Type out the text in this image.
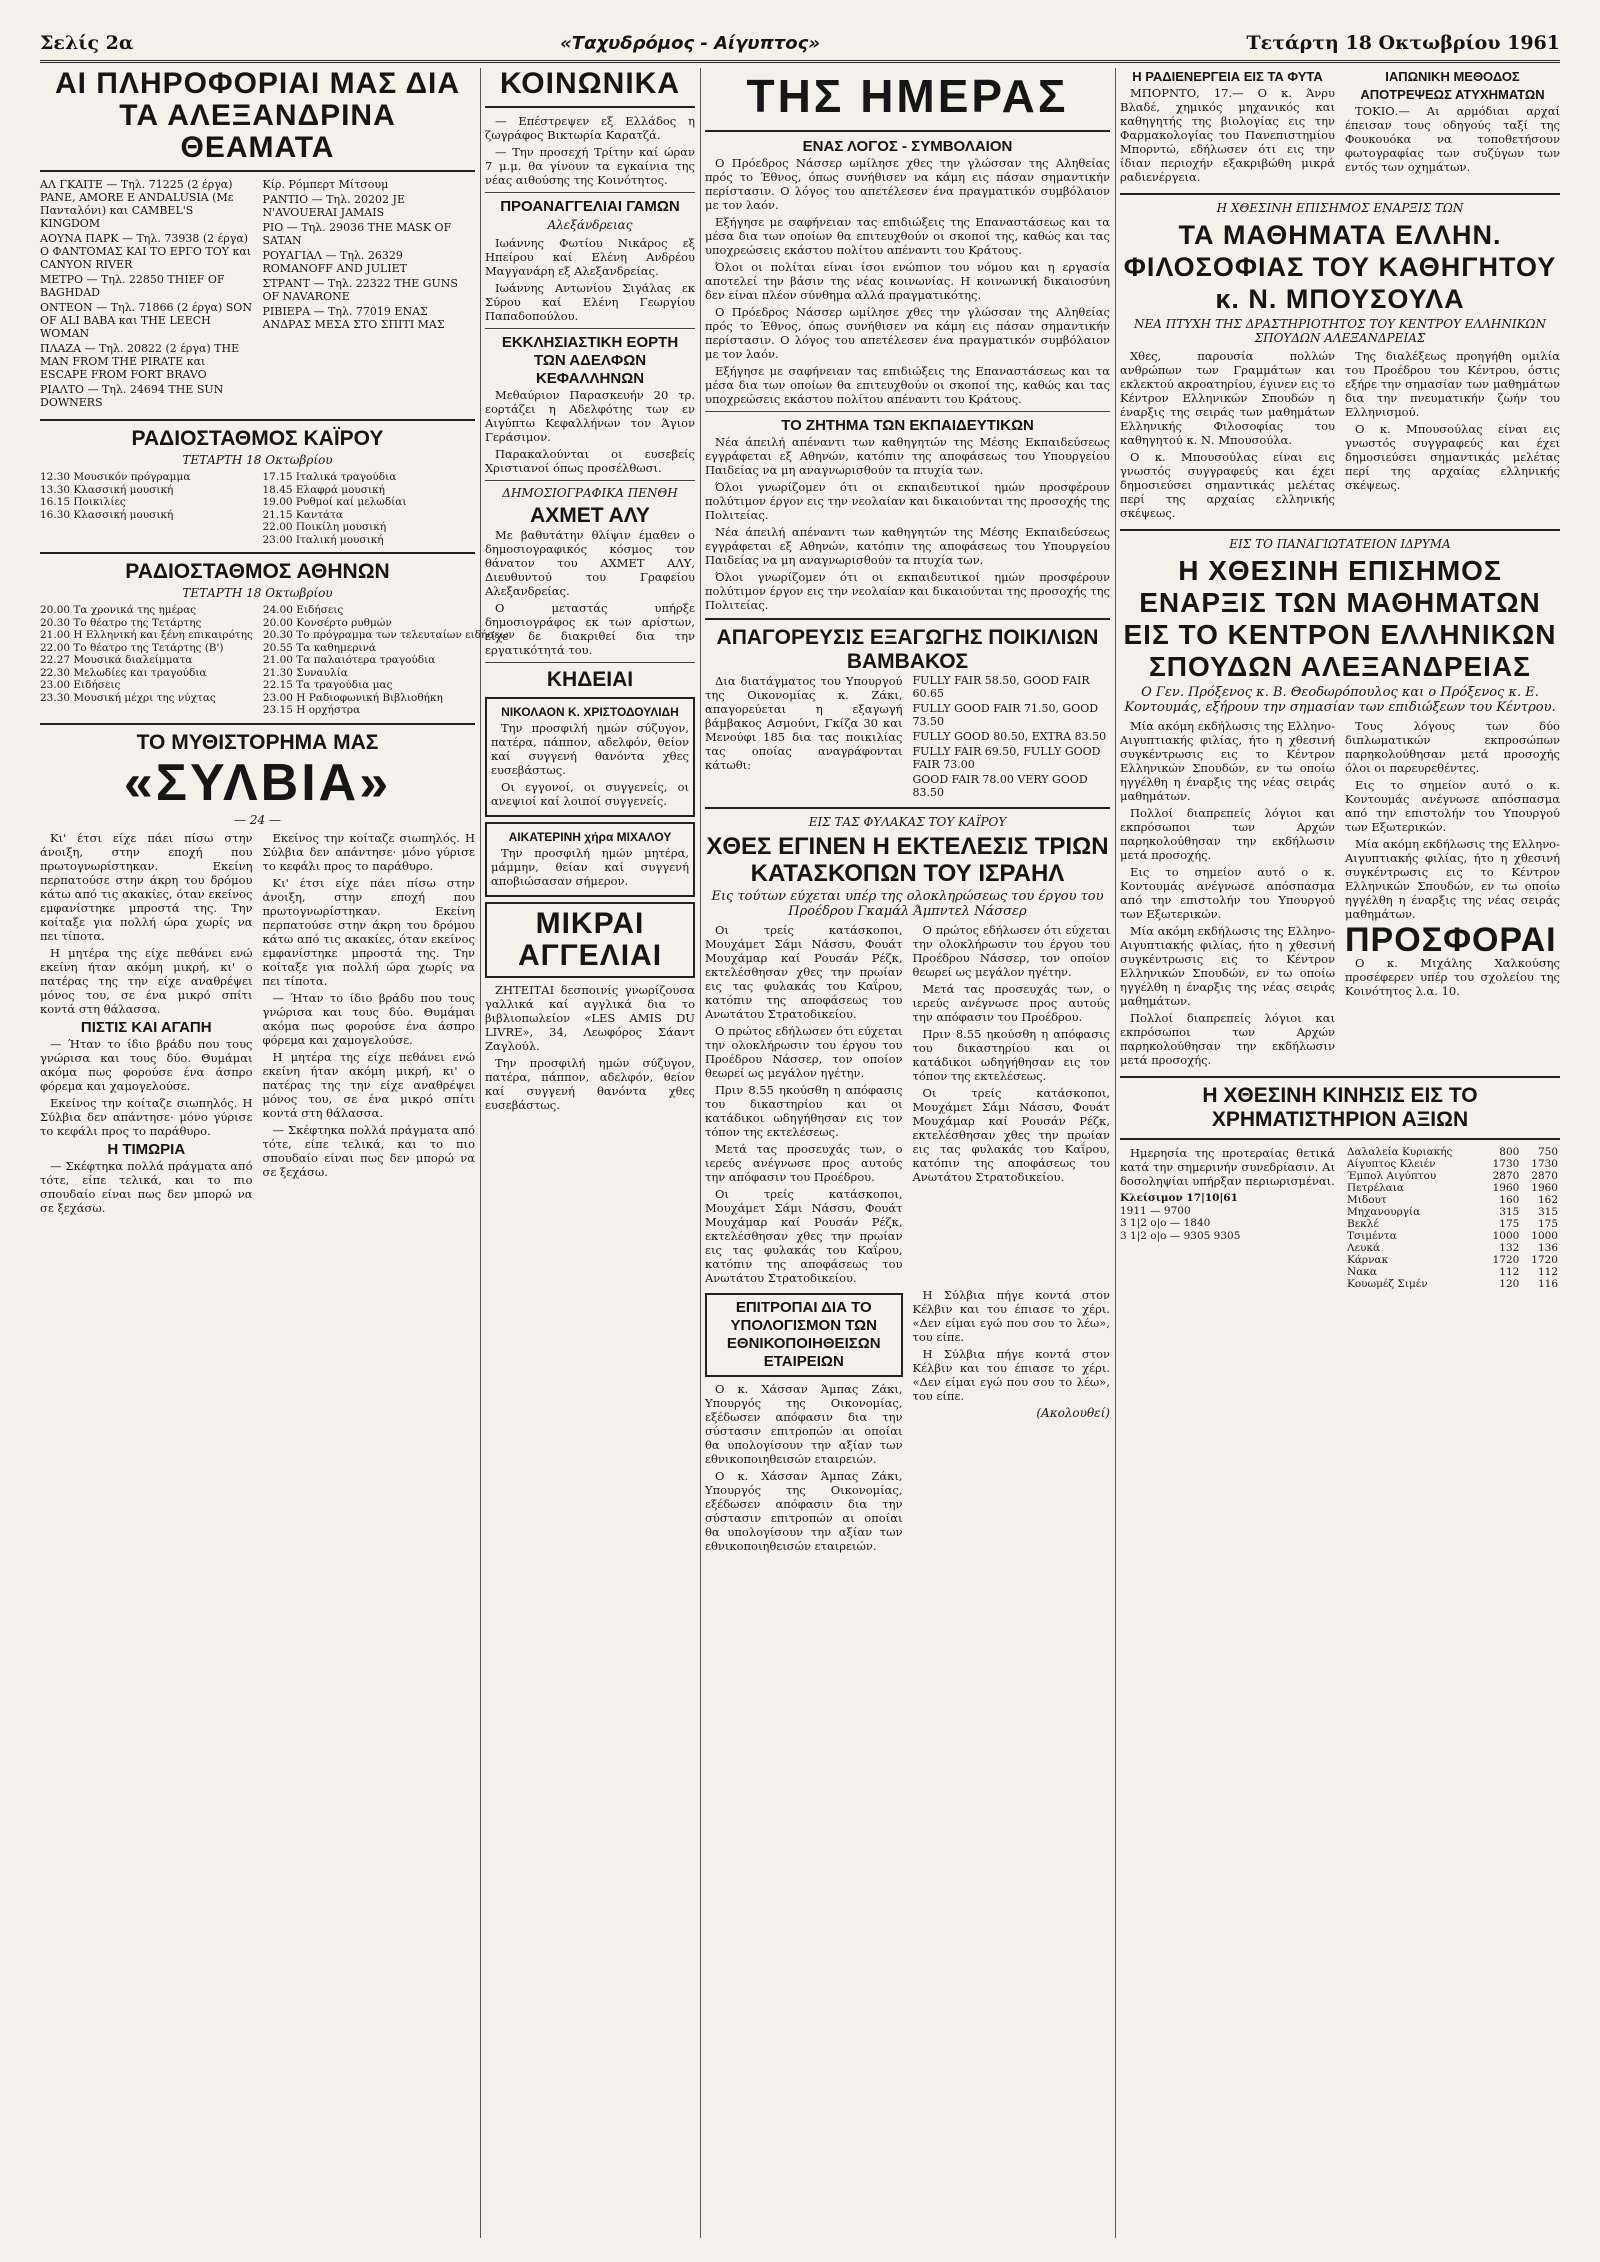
Σελίς 2α	«Ταχυδρόμος - Αίγυπτος»	Τετάρτη 18 Οκτωβρίου 1961
ΑΙ ΠΛΗΡΟΦΟΡΙΑΙ ΜΑΣ ΔΙΑ ΤΑ ΑΛΕΞΑΝΔΡΙΝΑ ΘΕΑΜΑΤΑ
ΑΛ ΓΚΑΙΤΕ — Τηλ. 71225 (2 έργα) PANE, AMORE E ANDALUSIA (Με Πανταλόνι) και CAMBEL'S KINGDOM
ΑΟΥΝΑ ΠΑΡΚ — Τηλ. 73938 (2 έργα) Ο ΦΑΝΤΟΜΑΣ ΚΑΙ ΤΟ ΕΡΓΟ ΤΟΥ και CANYON RIVER
ΜΕΤΡΟ — Τηλ. 22850 THIEF OF BAGHDAD
ΟΝΤΕΟΝ — Τηλ. 71866 (2 έργα) SON OF ALI BABA και THE LEECH WOMAN
ΠΛΑΖΑ — Τηλ. 20822 (2 έργα) THE MAN FROM THE PIRATE και ESCAPE FROM FORT BRAVO
ΡΙΑΛΤΟ — Τηλ. 24694 THE SUN DOWNERS
Κίρ. Ρόμπερτ Μίτσουμ
ΡΑΝΤΙΟ — Τηλ. 20202 JE N'AVOUERAI JAMAIS
ΡΙΟ — Τηλ. 29036 THE MASK OF SATAN
ΡΟΥΑΓΙΑΛ — Τηλ. 26329 ROMANOFF AND JULIET
ΣΤΡΑΝΤ — Τηλ. 22322 THE GUNS OF NAVARONE
ΡΙΒΙΕΡΑ — Τηλ. 77019 ΕΝΑΣ ΑΝΔΡΑΣ ΜΕΣΑ ΣΤΟ ΣΠΙΤΙ ΜΑΣ
ΡΑΔΙΟΣΤΑΘΜΟΣ ΚΑΪΡΟΥ
ΤΕΤΑΡΤΗ 18 Οκτωβρίου
12.30 Μουσικόν πρόγραμμα
13.30 Κλασσική μουσική
16.15 Ποικιλίες
16.30 Κλασσική μουσική
17.15 Ιταλικά τραγούδια
18.45 Ελαφρά μουσική
19.00 Ρυθμοί καί μελωδίαι
21.15 Καντάτα
22.00 Ποικίλη μουσική
23.00 Ιταλική μουσική
ΡΑΔΙΟΣΤΑΘΜΟΣ ΑΘΗΝΩΝ
ΤΕΤΑΡΤΗ 18 Οκτωβρίου
20.00 Τα χρονικά της ημέρας
20.30 Το θέατρο της Τετάρτης
21.00 Η Ελληνική και ξένη επικαιρότης
22.00 Το θέατρο της Τετάρτης (Β')
22.27 Μουσικά διαλείμματα
22.30 Μελωδίες και τραγούδια
23.00 Ειδήσεις
23.30 Μουσική μέχρι της νύχτας
24.00 Ειδήσεις
20.00 Κονσέρτο ρυθμών
20.30 Το πρόγραμμα των τελευταίων ειδήσεων
20.55 Τα καθημερινά
21.00 Τα παλαιότερα τραγούδια
21.30 Συναυλία
22.15 Τα τραγούδια μας
23.00 Η Ραδιοφωνική Βιβλιοθήκη
23.15 Η ορχήστρα
ΤΟ ΜΥΘΙΣΤΟΡΗΜΑ ΜΑΣ
«ΣΥΛΒΙΑ»
— 24 —

Κι' έτσι είχε πάει πίσω στην άνοιξη, στην εποχή που πρωτογνωρίστηκαν. Εκείνη περπατούσε στην άκρη του δρόμου κάτω από τις ακακίες, όταν εκείνος εμφανίστηκε μπροστά της. Την κοίταξε για πολλή ώρα χωρίς να πει τίποτα.

Η μητέρα της είχε πεθάνει ενώ εκείνη ήταν ακόμη μικρή, κι' ο πατέρας της την είχε αναθρέψει μόνος του, σε ένα μικρό σπίτι κοντά στη θάλασσα.

ΠΙΣΤΙΣ ΚΑΙ ΑΓΑΠΗ

— Ήταν το ίδιο βράδυ που τους γνώρισα και τους δύο. Θυμάμαι ακόμα πως φορούσε ένα άσπρο φόρεμα και χαμογελούσε.

Εκείνος την κοίταζε σιωπηλός. Η Σύλβια δεν απάντησε· μόνο γύρισε το κεφάλι προς το παράθυρο.

Η ΤΙΜΩΡΙΑ

— Σκέφτηκα πολλά πράγματα από τότε, είπε τελικά, και το πιο σπουδαίο είναι πως δεν μπορώ να σε ξεχάσω.

Εκείνος την κοίταζε σιωπηλός. Η Σύλβια δεν απάντησε· μόνο γύρισε το κεφάλι προς το παράθυρο.

Κι' έτσι είχε πάει πίσω στην άνοιξη, στην εποχή που πρωτογνωρίστηκαν. Εκείνη περπατούσε στην άκρη του δρόμου κάτω από τις ακακίες, όταν εκείνος εμφανίστηκε μπροστά της. Την κοίταξε για πολλή ώρα χωρίς να πει τίποτα.

— Ήταν το ίδιο βράδυ που τους γνώρισα και τους δύο. Θυμάμαι ακόμα πως φορούσε ένα άσπρο φόρεμα και χαμογελούσε.

Η μητέρα της είχε πεθάνει ενώ εκείνη ήταν ακόμη μικρή, κι' ο πατέρας της την είχε αναθρέψει μόνος του, σε ένα μικρό σπίτι κοντά στη θάλασσα.

— Σκέφτηκα πολλά πράγματα από τότε, είπε τελικά, και το πιο σπουδαίο είναι πως δεν μπορώ να σε ξεχάσω.

ΚΟΙΝΩΝΙΚΑ

— Επέστρεψεν εξ Ελλάδος η ζωγράφος Βικτωρία Καρατζά.

— Την προσεχή Τρίτην καί ώραν 7 μ.μ. θα γίνουν τα εγκαίνια της νέας αιθούσης της Κοινότητος.

ΠΡΟΑΝΑΓΓΕΛΙΑΙ ΓΑΜΩΝ
Αλεξάνδρειας

Ιωάννης Φωτίου Νικάρος εξ Ηπείρου καί Ελένη Ανδρέου Μαγγανάρη εξ Αλεξανδρείας.

Ιωάννης Αντωνίου Σιγάλας εκ Σύρου καί Ελένη Γεωργίου Παπαδοπούλου.

ΕΚΚΛΗΣΙΑΣΤΙΚΗ ΕΟΡΤΗ ΤΩΝ ΑΔΕΛΦΩΝ ΚΕΦΑΛΛΗΝΩΝ

Μεθαύριον Παρασκευήν 20 τρ. εορτάζει η Αδελφότης των εν Αιγύπτω Κεφαλλήνων τον Άγιον Γεράσιμον.

Παρακαλούνται οι ευσεβείς Χριστιανοί όπως προσέλθωσι.

ΔΗΜΟΣΙΟΓΡΑΦΙΚΑ ΠΕΝΘΗ
ΑΧΜΕΤ ΑΛΥ

Με βαθυτάτην θλίψιν έμαθεν ο δημοσιογραφικός κόσμος τον θάνατον του ΑΧΜΕΤ ΑΛΥ, Διευθυντού του Γραφείου Αλεξανδρείας.

Ο μεταστάς υπήρξε δημοσιογράφος εκ των αρίστων, είχε δε διακριθεί δια την εργατικότητά του.

ΚΗΔΕΙΑΙ
ΝΙΚΟΛΑΟΝ Κ. ΧΡΙΣΤΟΔΟΥΛΙΔΗ

Την προσφιλή ημών σύζυγον, πατέρα, πάππον, αδελφόν, θείον καί συγγενή θανόντα χθες ευσεβάστως.

Οι εγγονοί, οι συγγενείς, οι ανεψιοί καί λοιποί συγγενείς.

ΑΙΚΑΤΕΡΙΝΗ χήρα ΜΙΧΑΛΟΥ

Την προσφιλή ημών μητέρα, μάμμην, θείαν καί συγγενή αποβιώσασαν σήμερον.

ΜΙΚΡΑΙ ΑΓΓΕΛΙΑΙ

ΖΗΤΕΙΤΑΙ δεσποινίς γνωρίζουσα γαλλικά καί αγγλικά δια το βιβλιοπωλείον «LES AMIS DU LIVRE», 34, Λεωφόρος Σάαντ Ζαγλούλ.

Την προσφιλή ημών σύζυγον, πατέρα, πάππον, αδελφόν, θείον καί συγγενή θανόντα χθες ευσεβάστως.

ΤΗΣ ΗΜΕΡΑΣ
ΕΝΑΣ ΛΟΓΟΣ - ΣΥΜΒΟΛΑΙΟΝ

Ο Πρόεδρος Νάσσερ ωμίλησε χθες την γλώσσαν της Αληθείας πρός το Έθνος, όπως συνήθισεν να κάμη εις πάσαν σημαντικήν περίστασιν. Ο λόγος του απετέλεσεν ένα πραγματικόν συμβόλαιον με τον λαόν.

Εξήγησε με σαφήνειαν τας επιδιώξεις της Επαναστάσεως και τα μέσα δια των οποίων θα επιτευχθούν οι σκοποί της, καθώς και τας υποχρεώσεις εκάστου πολίτου απέναντι του Κράτους.

Όλοι οι πολίται είναι ίσοι ενώπιον του νόμου και η εργασία αποτελεί την βάσιν της νέας κοινωνίας. Η κοινωνική δικαιοσύνη δεν είναι πλέον σύνθημα αλλά πραγματικότης.

Ο Πρόεδρος Νάσσερ ωμίλησε χθες την γλώσσαν της Αληθείας πρός το Έθνος, όπως συνήθισεν να κάμη εις πάσαν σημαντικήν περίστασιν. Ο λόγος του απετέλεσεν ένα πραγματικόν συμβόλαιον με τον λαόν.

Εξήγησε με σαφήνειαν τας επιδιώξεις της Επαναστάσεως και τα μέσα δια των οποίων θα επιτευχθούν οι σκοποί της, καθώς και τας υποχρεώσεις εκάστου πολίτου απέναντι του Κράτους.

ΤΟ ΖΗΤΗΜΑ ΤΩΝ ΕΚΠΑΙΔΕΥΤΙΚΩΝ

Νέα άπειλή απέναντι των καθηγητών της Μέσης Εκπαιδεύσεως εγγράφεται εξ Αθηνών, κατόπιν της αποφάσεως του Υπουργείου Παιδείας να μη αναγνωρισθούν τα πτυχία των.

Όλοι γνωρίζομεν ότι οι εκπαιδευτικοί ημών προσφέρουν πολύτιμον έργον εις την νεολαίαν και δικαιούνται της προσοχής της Πολιτείας.

Νέα άπειλή απέναντι των καθηγητών της Μέσης Εκπαιδεύσεως εγγράφεται εξ Αθηνών, κατόπιν της αποφάσεως του Υπουργείου Παιδείας να μη αναγνωρισθούν τα πτυχία των.

Όλοι γνωρίζομεν ότι οι εκπαιδευτικοί ημών προσφέρουν πολύτιμον έργον εις την νεολαίαν και δικαιούνται της προσοχής της Πολιτείας.

ΑΠΑΓΟΡΕΥΣΙΣ ΕΞΑΓΩΓΗΣ ΠΟΙΚΙΛΙΩΝ ΒΑΜΒΑΚΟΣ

Δια διατάγματος του Υπουργού της Οικονομίας κ. Ζάκι, απαγορεύεται η εξαγωγή βάμβακος Ασμούνι, Γκίζα 30 και Μενούφι 185 δια τας ποικιλίας τας οποίας αναγράφονται κάτωθι:

FULLY FAIR 58.50, GOOD FAIR 60.65
FULLY GOOD FAIR 71.50, GOOD 73.50
FULLY GOOD 80.50, EXTRA 83.50
FULLY FAIR 69.50, FULLY GOOD FAIR 73.00
GOOD FAIR 78.00 VERY GOOD 83.50
ΕΙΣ ΤΑΣ ΦΥΛΑΚΑΣ ΤΟΥ ΚΑΪΡΟΥ
ΧΘΕΣ ΕΓΙΝΕΝ Η ΕΚΤΕΛΕΣΙΣ ΤΡΙΩΝ ΚΑΤΑΣΚΟΠΩΝ ΤΟΥ ΙΣΡΑΗΛ
Εις τούτων εύχεται υπέρ της ολοκληρώσεως του έργου του Προέδρου Γκαμάλ Άμπντελ Νάσσερ

Οι τρείς κατάσκοποι, Μουχάμετ Σάμι Νάσσυ, Φουάτ Μουχάμαρ καί Ρουσάν Ρέζκ, εκτελέσθησαν χθες την πρωίαν εις τας φυλακάς του Καΐρου, κατόπιν της αποφάσεως του Ανωτάτου Στρατοδικείου.

Ο πρώτος εδήλωσεν ότι εύχεται την ολοκλήρωσιν του έργου του Προέδρου Νάσσερ, τον οποίον θεωρεί ως μεγάλον ηγέτην.

Πριν 8.55 ηκούσθη η απόφασις του δικαστηρίου και οι κατάδικοι ωδηγήθησαν εις τον τόπον της εκτελέσεως.

Μετά τας προσευχάς των, ο ιερεύς ανέγνωσε προς αυτούς την απόφασιν του Προέδρου.

Οι τρείς κατάσκοποι, Μουχάμετ Σάμι Νάσσυ, Φουάτ Μουχάμαρ καί Ρουσάν Ρέζκ, εκτελέσθησαν χθες την πρωίαν εις τας φυλακάς του Καΐρου, κατόπιν της αποφάσεως του Ανωτάτου Στρατοδικείου.

Ο πρώτος εδήλωσεν ότι εύχεται την ολοκλήρωσιν του έργου του Προέδρου Νάσσερ, τον οποίον θεωρεί ως μεγάλον ηγέτην.

Μετά τας προσευχάς των, ο ιερεύς ανέγνωσε προς αυτούς την απόφασιν του Προέδρου.

Πριν 8.55 ηκούσθη η απόφασις του δικαστηρίου και οι κατάδικοι ωδηγήθησαν εις τον τόπον της εκτελέσεως.

Οι τρείς κατάσκοποι, Μουχάμετ Σάμι Νάσσυ, Φουάτ Μουχάμαρ καί Ρουσάν Ρέζκ, εκτελέσθησαν χθες την πρωίαν εις τας φυλακάς του Καΐρου, κατόπιν της αποφάσεως του Ανωτάτου Στρατοδικείου.

ΕΠΙΤΡΟΠΑΙ ΔΙΑ ΤΟ ΥΠΟΛΟΓΙΣΜΟΝ ΤΩΝ ΕΘΝΙΚΟΠΟΙΗΘΕΙΣΩΝ ΕΤΑΙΡΕΙΩΝ

Ο κ. Χάσσαν Άμπας Ζάκι, Υπουργός της Οικονομίας, εξέδωσεν απόφασιν δια την σύστασιν επιτροπών αι οποίαι θα υπολογίσουν την αξίαν των εθνικοποιηθεισών εταιρειών.

Ο κ. Χάσσαν Άμπας Ζάκι, Υπουργός της Οικονομίας, εξέδωσεν απόφασιν δια την σύστασιν επιτροπών αι οποίαι θα υπολογίσουν την αξίαν των εθνικοποιηθεισών εταιρειών.

Η Σύλβια πήγε κοντά στον Κέλβιν και του έπιασε το χέρι. «Δεν είμαι εγώ που σου το λέω», του είπε.

Η Σύλβια πήγε κοντά στον Κέλβιν και του έπιασε το χέρι. «Δεν είμαι εγώ που σου το λέω», του είπε.

(Ακολουθεί)
Η ΡΑΔΙΕΝΕΡΓΕΙΑ ΕΙΣ ΤΑ ΦΥΤΑ

ΜΠΟΡΝΤΟ, 17.— Ο κ. Άνρυ Βλαδέ, χημικός μηχανικός και καθηγητής της βιολογίας εις την Φαρμακολογίας του Πανεπιστημίου Μπορντώ, εδήλωσεν ότι εις την ίδιαν περιοχήν εξακριβώθη μικρά ραδιενέργεια.

ΙΑΠΩΝΙΚΗ ΜΕΘΟΔΟΣ ΑΠΟΤΡΕΨΕΩΣ ΑΤΥΧΗΜΑΤΩΝ

ΤΟΚΙΟ.— Αι αρμόδιαι αρχαί έπεισαν τους οδηγούς ταξί της Φουκουόκα να τοποθετήσουν φωτογραφίας των συζύγων των εντός των οχημάτων.

Η ΧΘΕΣΙΝΗ ΕΠΙΣΗΜΟΣ ΕΝΑΡΞΙΣ ΤΩΝ
ΤΑ ΜΑΘΗΜΑΤΑ ΕΛΛΗΝ. ΦΙΛΟΣΟΦΙΑΣ ΤΟΥ ΚΑΘΗΓΗΤΟΥ κ. Ν. ΜΠΟΥΣΟΥΛΑ
ΝΕΑ ΠΤΥΧΗ ΤΗΣ ΔΡΑΣΤΗΡΙΟΤΗΤΟΣ ΤΟΥ ΚΕΝΤΡΟΥ ΕΛΛΗΝΙΚΩΝ ΣΠΟΥΔΩΝ ΑΛΕΞΑΝΔΡΕΙΑΣ

Χθες, παρουσία πολλών ανθρώπων των Γραμμάτων και εκλεκτού ακροατηρίου, έγινεν εις το Κέντρον Ελληνικών Σπουδών η έναρξις της σειράς των μαθημάτων Ελληνικής Φιλοσοφίας του καθηγητού κ. Ν. Μπουσούλα.

Ο κ. Μπουσούλας είναι εις γνωστός συγγραφεύς και έχει δημοσιεύσει σημαντικάς μελέτας περί της αρχαίας ελληνικής σκέψεως.

Της διαλέξεως προηγήθη ομιλία του Προέδρου του Κέντρου, όστις εξήρε την σημασίαν των μαθημάτων δια την πνευματικήν ζωήν του Ελληνισμού.

Ο κ. Μπουσούλας είναι εις γνωστός συγγραφεύς και έχει δημοσιεύσει σημαντικάς μελέτας περί της αρχαίας ελληνικής σκέψεως.

ΕΙΣ ΤΟ ΠΑΝΑΓΙΩΤΑΤΕΙΟΝ ΙΔΡΥΜΑ
Η ΧΘΕΣΙΝΗ ΕΠΙΣΗΜΟΣ ΕΝΑΡΞΙΣ ΤΩΝ ΜΑΘΗΜΑΤΩΝ ΕΙΣ ΤΟ ΚΕΝΤΡΟΝ ΕΛΛΗΝΙΚΩΝ ΣΠΟΥΔΩΝ ΑΛΕΞΑΝΔΡΕΙΑΣ
Ο Γεν. Πρόξενος κ. Β. Θεοδωρόπουλος και ο Πρόξενος κ. Ε. Κοντουμάς, εξήρουν την σημασίαν των επιδιώξεων του Κέντρου.

Μία ακόμη εκδήλωσις της Ελληνο-Αιγυπτιακής φιλίας, ήτο η χθεσινή συγκέντρωσις εις το Κέντρον Ελληνικών Σπουδών, εν τω οποίω ηγγέλθη η έναρξις της νέας σειράς μαθημάτων.

Πολλοί διαπρεπείς λόγιοι και εκπρόσωποι των Αρχών παρηκολούθησαν την εκδήλωσιν μετά προσοχής.

Εις το σημείον αυτό ο κ. Κοντουμάς ανέγνωσε απόσπασμα από την επιστολήν του Υπουργού των Εξωτερικών.

Μία ακόμη εκδήλωσις της Ελληνο-Αιγυπτιακής φιλίας, ήτο η χθεσινή συγκέντρωσις εις το Κέντρον Ελληνικών Σπουδών, εν τω οποίω ηγγέλθη η έναρξις της νέας σειράς μαθημάτων.

Πολλοί διαπρεπείς λόγιοι και εκπρόσωποι των Αρχών παρηκολούθησαν την εκδήλωσιν μετά προσοχής.

Τους λόγους των δύο διπλωματικών εκπροσώπων παρηκολούθησαν μετά προσοχής όλοι οι παρευρεθέντες.

Εις το σημείον αυτό ο κ. Κοντουμάς ανέγνωσε απόσπασμα από την επιστολήν του Υπουργού των Εξωτερικών.

Μία ακόμη εκδήλωσις της Ελληνο-Αιγυπτιακής φιλίας, ήτο η χθεσινή συγκέντρωσις εις το Κέντρον Ελληνικών Σπουδών, εν τω οποίω ηγγέλθη η έναρξις της νέας σειράς μαθημάτων.

ΠΡΟΣΦΟΡΑΙ

Ο κ. Μιχάλης Χαλκούσης προσέφερεν υπέρ του σχολείου της Κοινότητος λ.α. 10.

Η ΧΘΕΣΙΝΗ ΚΙΝΗΣΙΣ ΕΙΣ ΤΟ ΧΡΗΜΑΤΙΣΤΗΡΙΟΝ ΑΞΙΩΝ

Ημερησία της προτεραίας θετικά κατά την σημερινήν συνεδρίασιν. Αι δοσοληψίαι υπήρξαν περιωρισμέναι.

Κλείσιμον 17|10|61
1911 — 9700
3 1|2 ο|ο — 1840
3 1|2 ο|ο — 9305 9305
Δαλαλεία Κυριακής	800	750
Αίγυπτος Κλειέν	1730	1730
Έμπολ Αιγύπτου	2870	2870
Πετρέλαια	1960	1960
Μιδουτ	160	162
Μηχανουργία	315	315
Βεκλέ	175	175
Τσιμέντα	1000	1000
Λευκά	132	136
Κάρνακ	1720	1720
Νακα	112	112
Κουωμέζ Σιμέν	120	116
